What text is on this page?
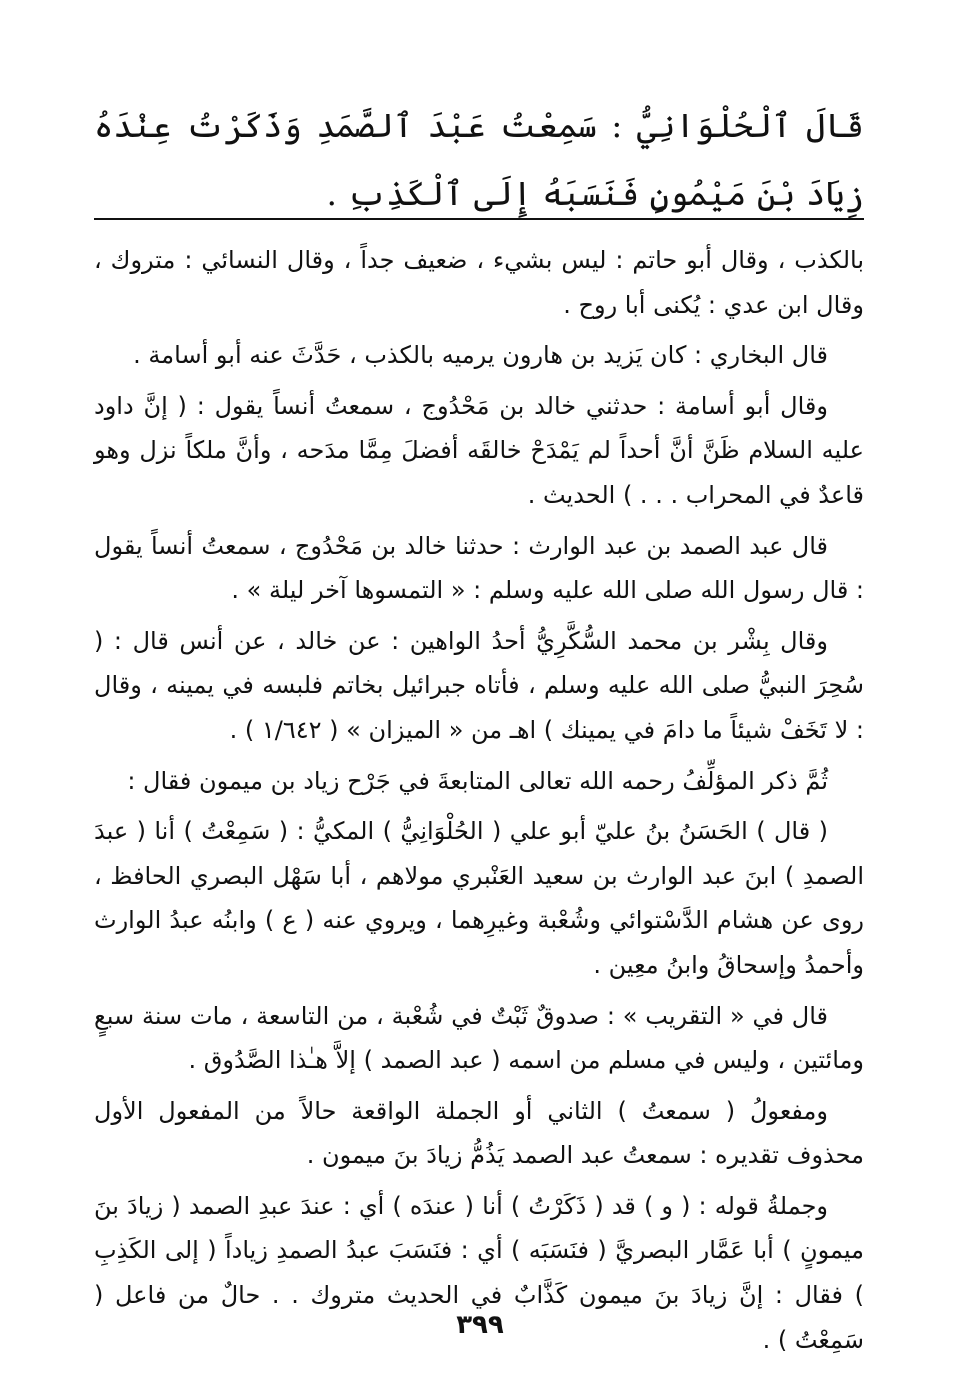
قَالَ ٱلْحُلْوَانِيُّ : سَمِعْتُ عَبْدَ ٱلصَّمَدِ وَذَكَرْتُ عِنْدَهُ زِيَادَ بْنَ مَيْمُونٍ فَنَسَبَهُ إِلَى ٱلْكَذِبِ .

بالكذب ، وقال أبو حاتم : ليس بشيء ، ضعيف جداً ، وقال النسائي : متروك ، وقال ابن عدي : يُكنى أبا روح .

قال البخاري : كان يَزيد بن هارون يرميه بالكذب ، حَدَّثَ عنه أبو أسامة .

وقال أبو أسامة : حدثني خالد بن مَحْدُوج ، سمعتُ أنساً يقول : ( إنَّ داود عليه السلام ظَنَّ أنَّ أحداً لم يَمْدَحْ خالقَه أفضلَ مِمَّا مدَحه ، وأنَّ ملكاً نزل وهو قاعدٌ في المحراب . . . ) الحديث .

قال عبد الصمد بن عبد الوارث : حدثنا خالد بن مَحْدُوج ، سمعتُ أنساً يقول : قال رسول الله صلى الله عليه وسلم : « التمسوها آخر ليلة » .

وقال بِشْر بن محمد السُّكَّرِيُّ أحدُ الواهين : عن خالد ، عن أنس قال : ( سُحِرَ النبيُّ صلى الله عليه وسلم ، فأتاه جبرائيل بخاتم فلبسه في يمينه ، وقال : لا تَخَفْ شيئاً ما دامَ في يمينك ) اهـ من « الميزان » ( ١/٦٤٢ ) .

ثُمَّ ذكر المؤلِّفُ رحمه الله تعالى المتابعةَ في جَرْح زياد بن ميمون فقال :

( قال ) الحَسَنُ بنُ عليّ أبو علي ( الحُلْوَانِيُّ ) المكيُّ : ( سَمِعْتُ ) أنا ( عبدَ الصمدِ ) ابنَ عبد الوارث بن سعيد العَنْبري مولاهم ، أبا سَهْل البصري الحافظ ، روى عن هشام الدَّسْتوائي وشُعْبة وغيرِهما ، ويروي عنه ( ع ) وابنُه عبدُ الوارث وأحمدُ وإسحاقُ وابنُ معِين .

قال في « التقريب » : صدوقٌ ثَبْتٌ في شُعْبة ، من التاسعة ، مات سنة سبعٍ ومائتين ، وليس في مسلم من اسمه ( عبد الصمد ) إلاَّ هـٰذا الصَّدُوق .

ومفعولُ ( سمعتُ ) الثاني أو الجملة الواقعة حالاً من المفعول الأول محذوف تقديره : سمعتُ عبد الصمد يَذُمُّ زيادَ بنَ ميمون .

وجملةُ قوله : ( و ) قد ( ذَكَرْتُ ) أنا ( عندَه ) أي : عندَ عبدِ الصمد ( زيادَ بنَ ميمونٍ ) أبا عَمَّار البصريَّ ( فنَسَبَه ) أي : فنَسَبَ عبدُ الصمدِ زياداً ( إلى الكَذِبِ ) فقال : إنَّ زيادَ بنَ ميمون كَذَّابٌ في الحديث متروك . . حالٌ من فاعل ( سَمِعْتُ ) .

٣٩٩
